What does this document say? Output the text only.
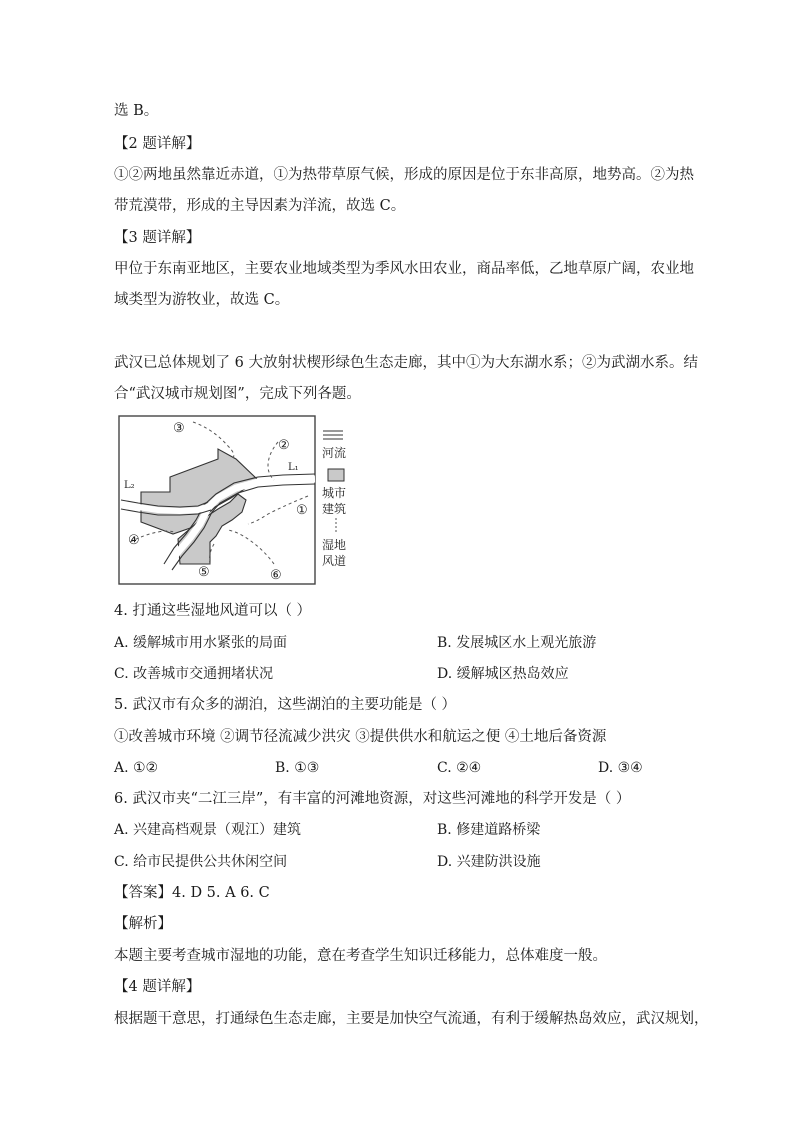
选 B。
【2 题详解】
①②两地虽然靠近赤道，①为热带草原气候，形成的原因是位于东非高原，地势高。②为热
带荒漠带，形成的主导因素为洋流，故选 C。
【3 题详解】
甲位于东南亚地区，主要农业地域类型为季风水田农业，商品率低，乙地草原广阔，农业地
域类型为游牧业，故选 C。
武汉已总体规划了 6 大放射状楔形绿色生态走廊，其中①为大东湖水系；②为武湖水系。结
合“武汉城市规划图”，完成下列各题。
③
②
L₁
L₂
①
④
⑤	⑥
河流
城市
建筑
湿地
风道
4. 打通这些湿地风道可以（ ）
A. 缓解城市用水紧张的局面	B. 发展城区水上观光旅游
C. 改善城市交通拥堵状况	D. 缓解城区热岛效应
5. 武汉市有众多的湖泊，这些湖泊的主要功能是（ ）
①改善城市环境 ②调节径流减少洪灾 ③提供供水和航运之便 ④土地后备资源
A. ①②	B. ①③	C. ②④	D. ③④
6. 武汉市夹“二江三岸”，有丰富的河滩地资源，对这些河滩地的科学开发是（ ）
A. 兴建高档观景（观江）建筑	B. 修建道路桥梁
C. 给市民提供公共休闲空间	D. 兴建防洪设施
【答案】4. D 5. A 6. C
【解析】
本题主要考查城市湿地的功能，意在考查学生知识迁移能力，总体难度一般。
【4 题详解】
根据题干意思，打通绿色生态走廊，主要是加快空气流通，有利于缓解热岛效应，武汉规划，
